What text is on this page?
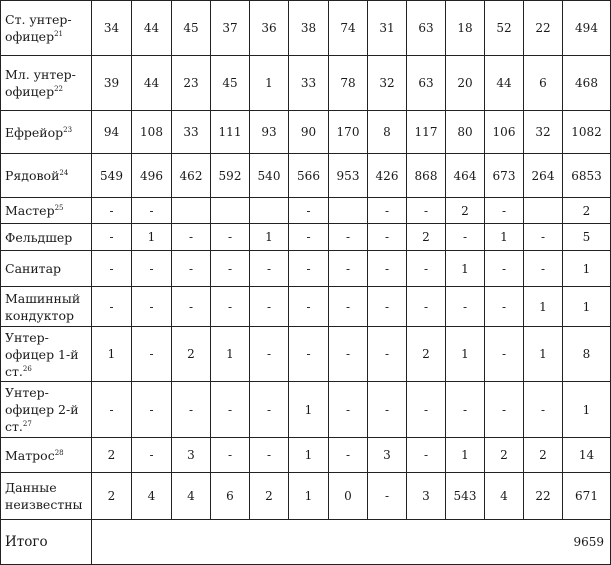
Ст. унтер-офицер$^{21}$	34	44	45	37	36	38	74	31	63	18	52	22	494
Мл. унтер-офицер$^{22}$	39	44	23	45	1	33	78	32	63	20	44	6	468
Ефрейор$^{23}$	94	108	33	111	93	90	170	8	117	80	106	32	1082
Рядовой$^{24}$	549	496	462	592	540	566	953	426	868	464	673	264	6853
Мастер$^{25}$	-	-				-		-	-	2	-		2
Фельдшер	-	1	-	-	1	-	-	-	2	-	1	-	5
Санитар	-	-	-	-	-	-	-	-	-	1	-	-	1
Машинный кондуктор	-	-	-	-	-	-	-	-	-	-	-	1	1
Унтер-офицер 1-й ст.$^{26}$	1	-	2	1	-	-	-	-	2	1	-	1	8
Унтер-офицер 2-й ст.$^{27}$	-	-	-	-	-	1	-	-	-	-	-	-	1
Матрос$^{28}$	2	-	3	-	-	1	-	3	-	1	2	2	14
Данные неизвестны	2	4	4	6	2	1	0	-	3	543	4	22	671
Итого	9659												
